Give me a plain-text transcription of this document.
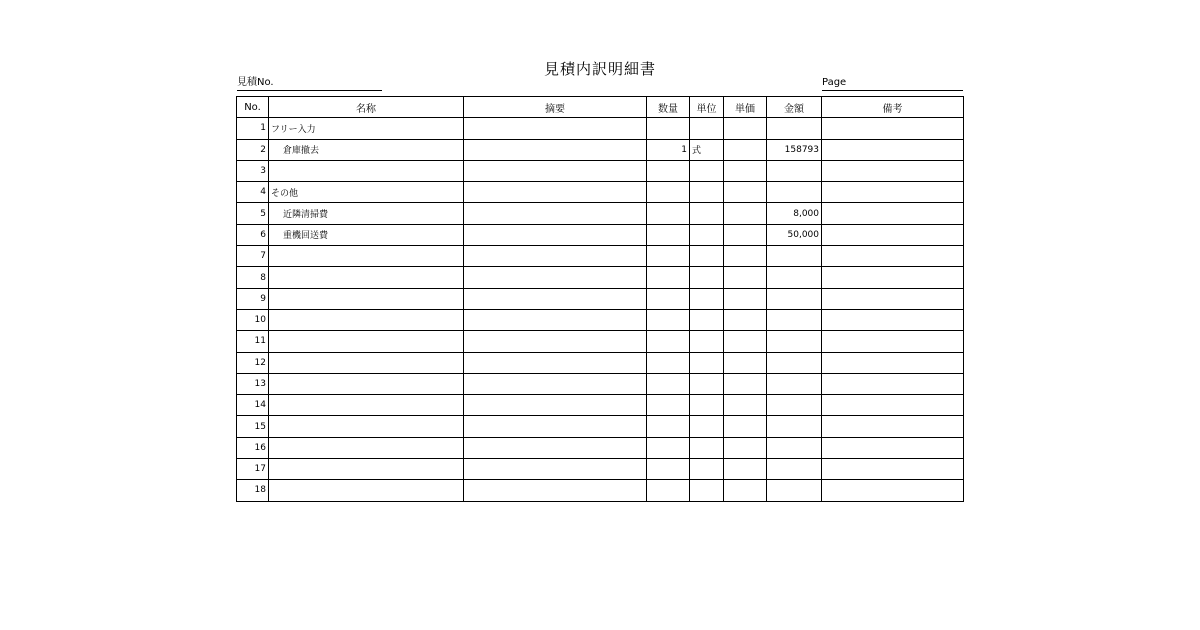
見積内訳明細書
見積No.	Page
No.	名称	摘要	数量	単位	単価	金額	備考
1	フリー入力						
2	倉庫撤去		1	式		158793	
3							
4	その他						
5	近隣清掃費					8,000	
6	重機回送費					50,000	
7							
8							
9							
10							
11							
12							
13							
14							
15							
16							
17							
18							
